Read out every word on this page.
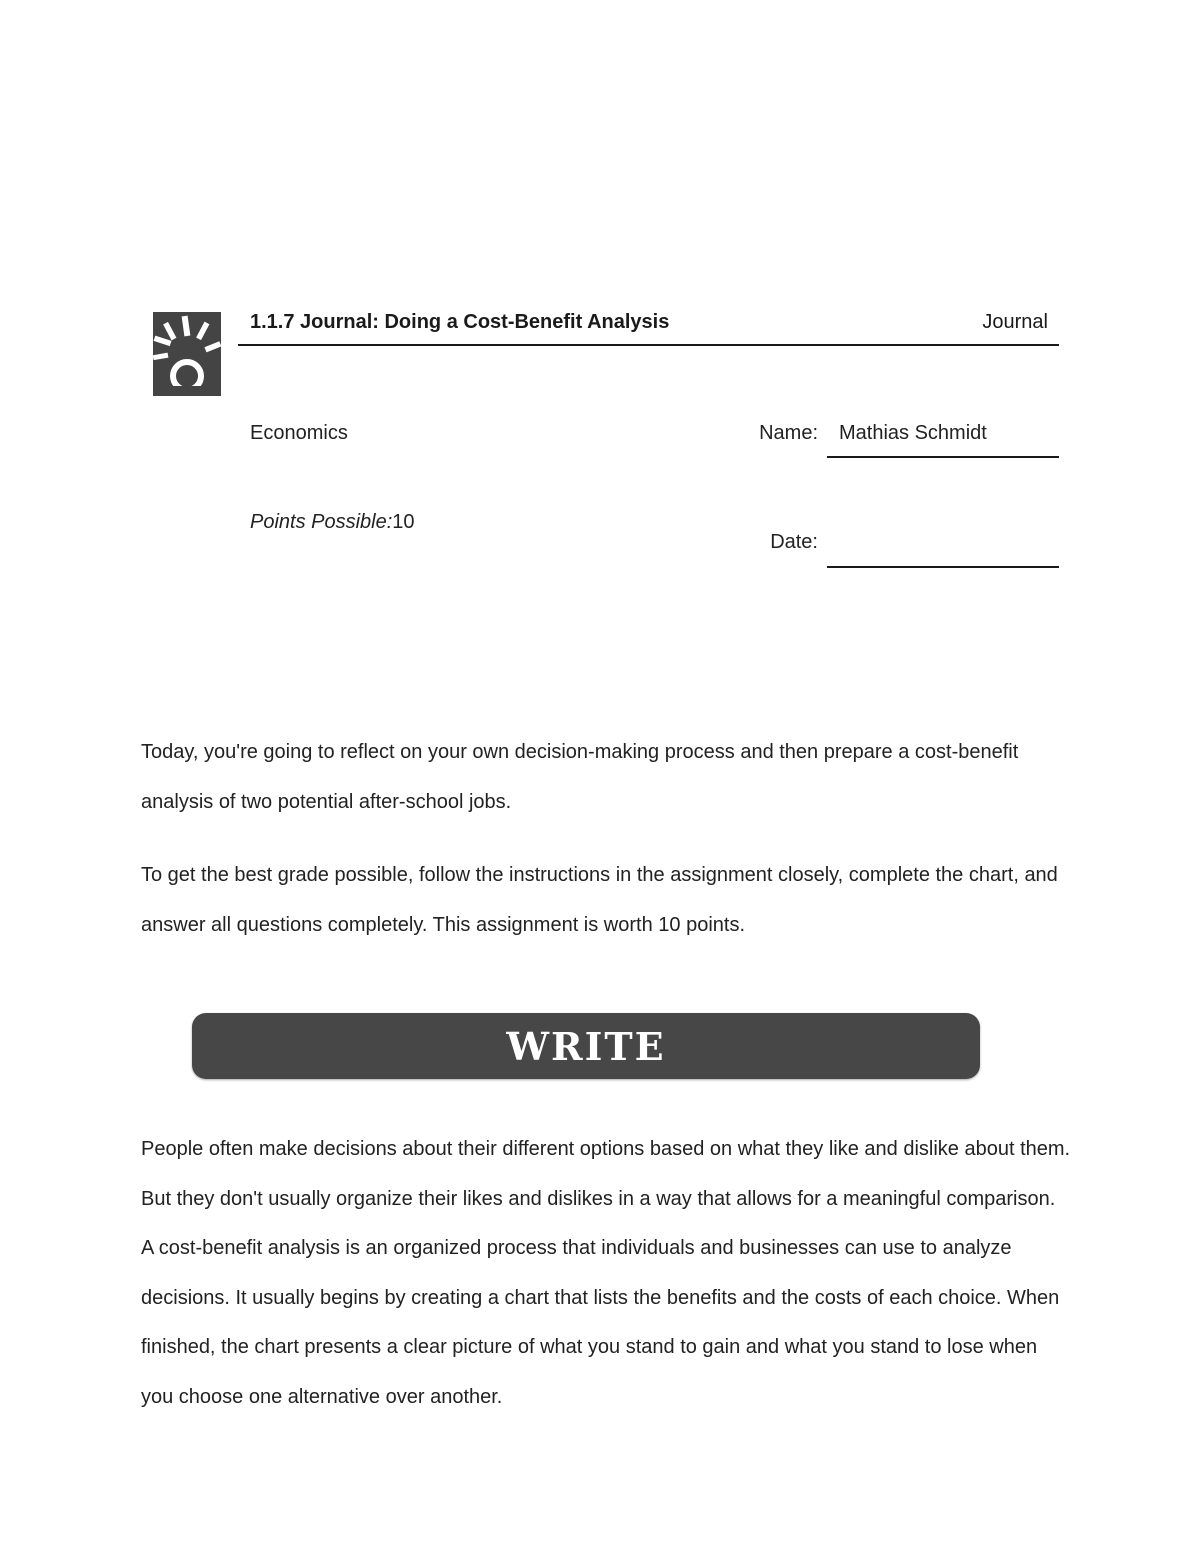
1.1.7 Journal: Doing a Cost-Benefit Analysis	Journal
Economics
Points Possible:10
Name: Mathias Schmidt
Date:

Today, you're going to reflect on your own decision-making process and then prepare a cost-benefit analysis of two potential after-school jobs.

To get the best grade possible, follow the instructions in the assignment closely, complete the chart, and answer all questions completely. This assignment is worth 10 points.

WRITE

People often make decisions about their different options based on what they like and dislike about them. But they don't usually organize their likes and dislikes in a way that allows for a meaningful comparison. A cost-benefit analysis is an organized process that individuals and businesses can use to analyze decisions. It usually begins by creating a chart that lists the benefits and the costs of each choice. When finished, the chart presents a clear picture of what you stand to gain and what you stand to lose when you choose one alternative over another.
